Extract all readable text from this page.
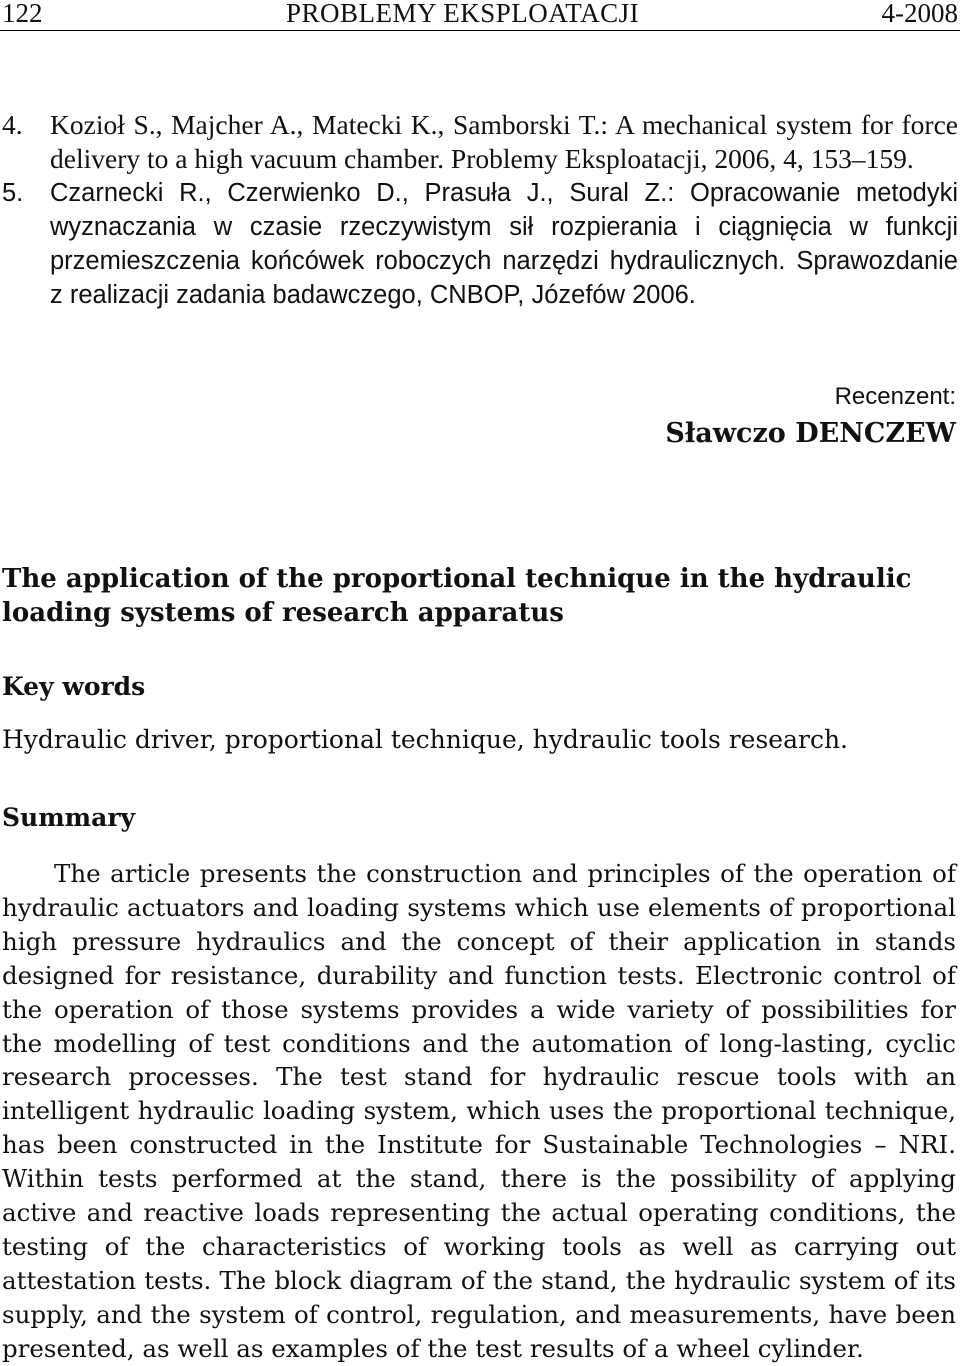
122	PROBLEMY EKSPLOATACJI	4-2008
4. Kozioł S., Majcher A., Matecki K., Samborski T.: A mechanical system for force delivery to a high vacuum chamber. Problemy Eksploatacji, 2006, 4, 153–159.
5.	Czarnecki R., Czerwienko D., Prasuła J., Sural Z.: Opracowanie metodyki wyznaczania w czasie rzeczywistym sił rozpierania i ciągnięcia w funkcji przemieszczenia końcówek roboczych narzędzi hydraulicznych. Sprawozdanie z realizacji zadania badawczego, CNBOP, Józefów 2006.
Recenzent:
Sławczo DENCZEW
The application of the proportional technique in the hydraulic loading systems of research apparatus
Key words
Hydraulic driver, proportional technique, hydraulic tools research.
Summary

The article presents the construction and principles of the operation of hydraulic actuators and loading systems which use elements of proportional high pressure hydraulics and the concept of their application in stands designed for resistance, durability and function tests. Electronic control of the operation of those systems provides a wide variety of possibilities for the modelling of test conditions and the automation of long-lasting, cyclic research processes. The test stand for hydraulic rescue tools with an intelligent hydraulic loading system, which uses the proportional technique, has been constructed in the Institute for Sustainable Technologies – NRI. Within tests performed at the stand, there is the possibility of applying active and reactive loads representing the actual operating conditions, the testing of the characteristics of working tools as well as carrying out attestation tests. The block diagram of the stand, the hydraulic system of its supply, and the system of control, regulation, and measurements, have been presented, as well as examples of the test results of a wheel cylinder.
